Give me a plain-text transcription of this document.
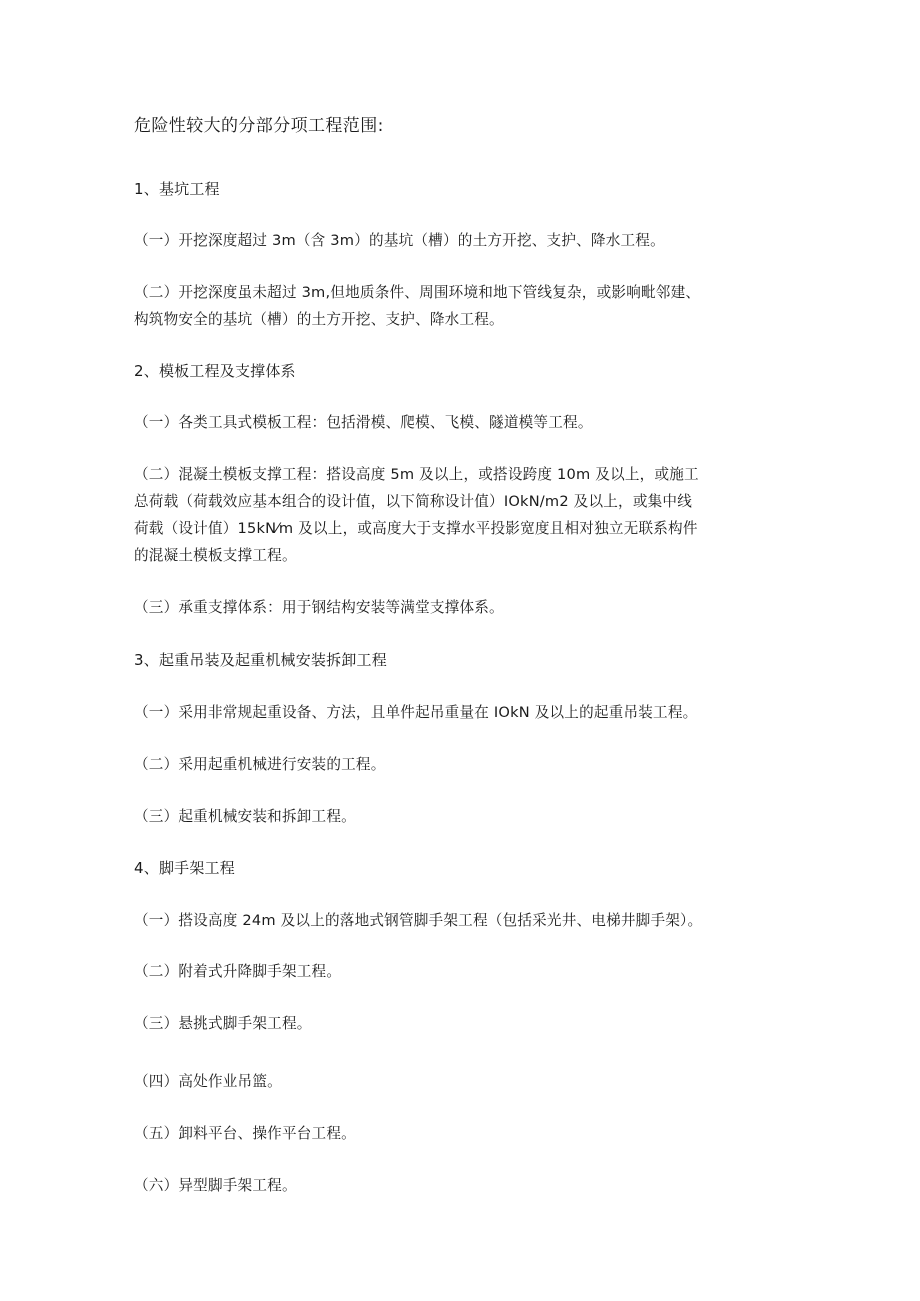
危险性较大的分部分项工程范围:
1、基坑工程
（一）开挖深度超过 3m（含 3m）的基坑（槽）的土方开挖、支护、降水工程。
（二）开挖深度虽未超过 3m,但地质条件、周围环境和地下管线复杂，或影响毗邻建、
构筑物安全的基坑（槽）的土方开挖、支护、降水工程。
2、模板工程及支撑体系
（一）各类工具式模板工程：包括滑模、爬模、飞模、隧道模等工程。
（二）混凝土模板支撑工程：搭设高度 5m 及以上，或搭设跨度 10m 及以上，或施工
总荷载（荷载效应基本组合的设计值，以下简称设计值）IOkN/m2 及以上，或集中线
荷载（设计值）15kN⁄m 及以上，或高度大于支撑水平投影宽度且相对独立无联系构件
的混凝土模板支撑工程。
（三）承重支撑体系：用于钢结构安装等满堂支撑体系。
3、起重吊装及起重机械安装拆卸工程
（一）采用非常规起重设备、方法，且单件起吊重量在 IOkN 及以上的起重吊装工程。
（二）采用起重机械进行安装的工程。
（三）起重机械安装和拆卸工程。
4、脚手架工程
（一）搭设高度 24m 及以上的落地式钢管脚手架工程（包括采光井、电梯井脚手架）。
（二）附着式升降脚手架工程。
（三）悬挑式脚手架工程。
（四）高处作业吊篮。
（五）卸料平台、操作平台工程。
（六）异型脚手架工程。
